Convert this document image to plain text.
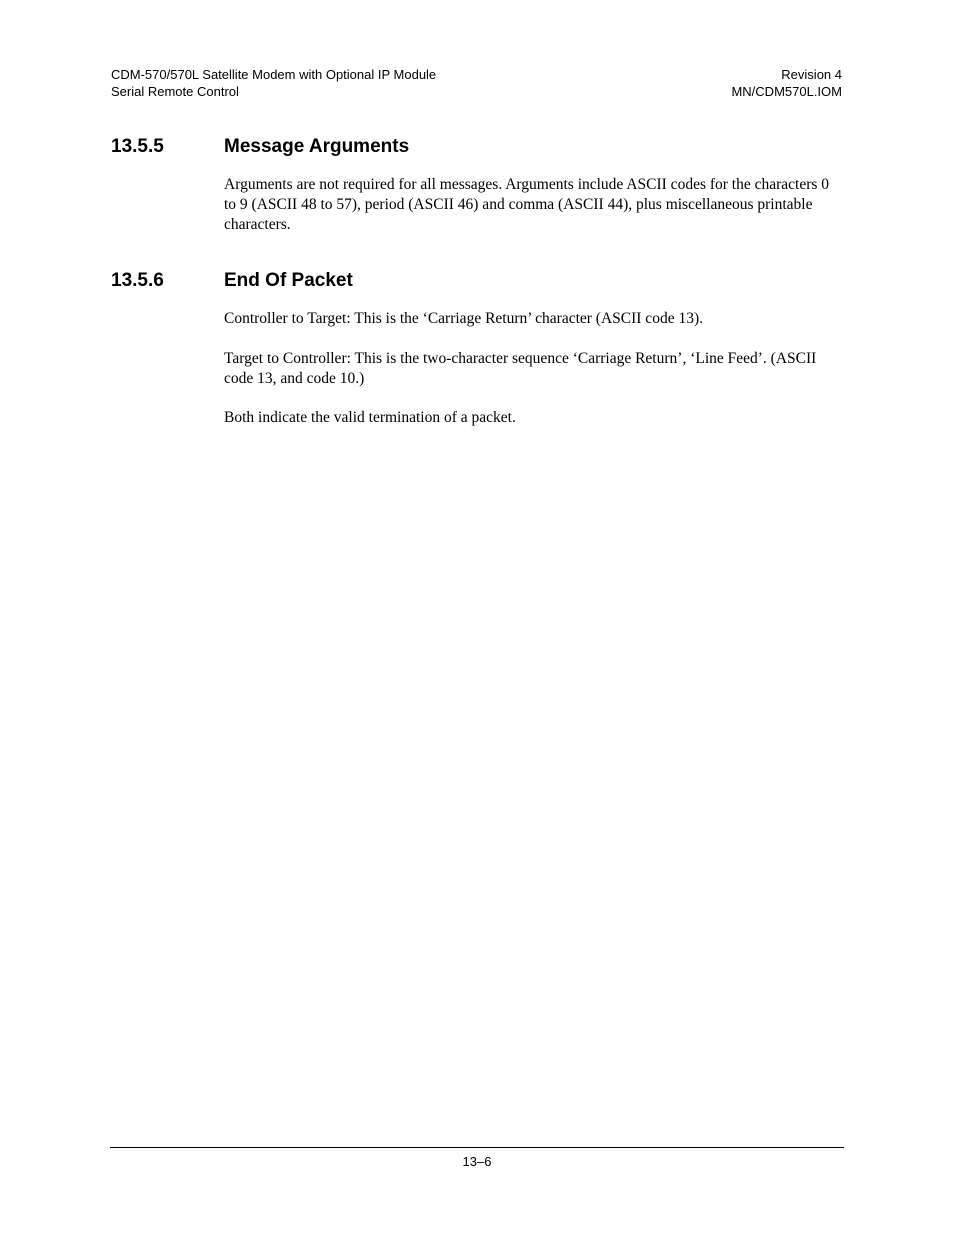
CDM-570/570L Satellite Modem with Optional IP Module
Serial Remote Control
Revision 4
MN/CDM570L.IOM
13.5.5	Message Arguments

Arguments are not required for all messages. Arguments include ASCII codes for the characters 0 to 9 (ASCII 48 to 57), period (ASCII 46) and comma (ASCII 44), plus miscellaneous printable characters.

13.5.6	End Of Packet

Controller to Target: This is the ‘Carriage Return’ character (ASCII code 13).

Target to Controller: This is the two-character sequence ‘Carriage Return’, ‘Line Feed’. (ASCII code 13, and code 10.)

Both indicate the valid termination of a packet.

13–6
